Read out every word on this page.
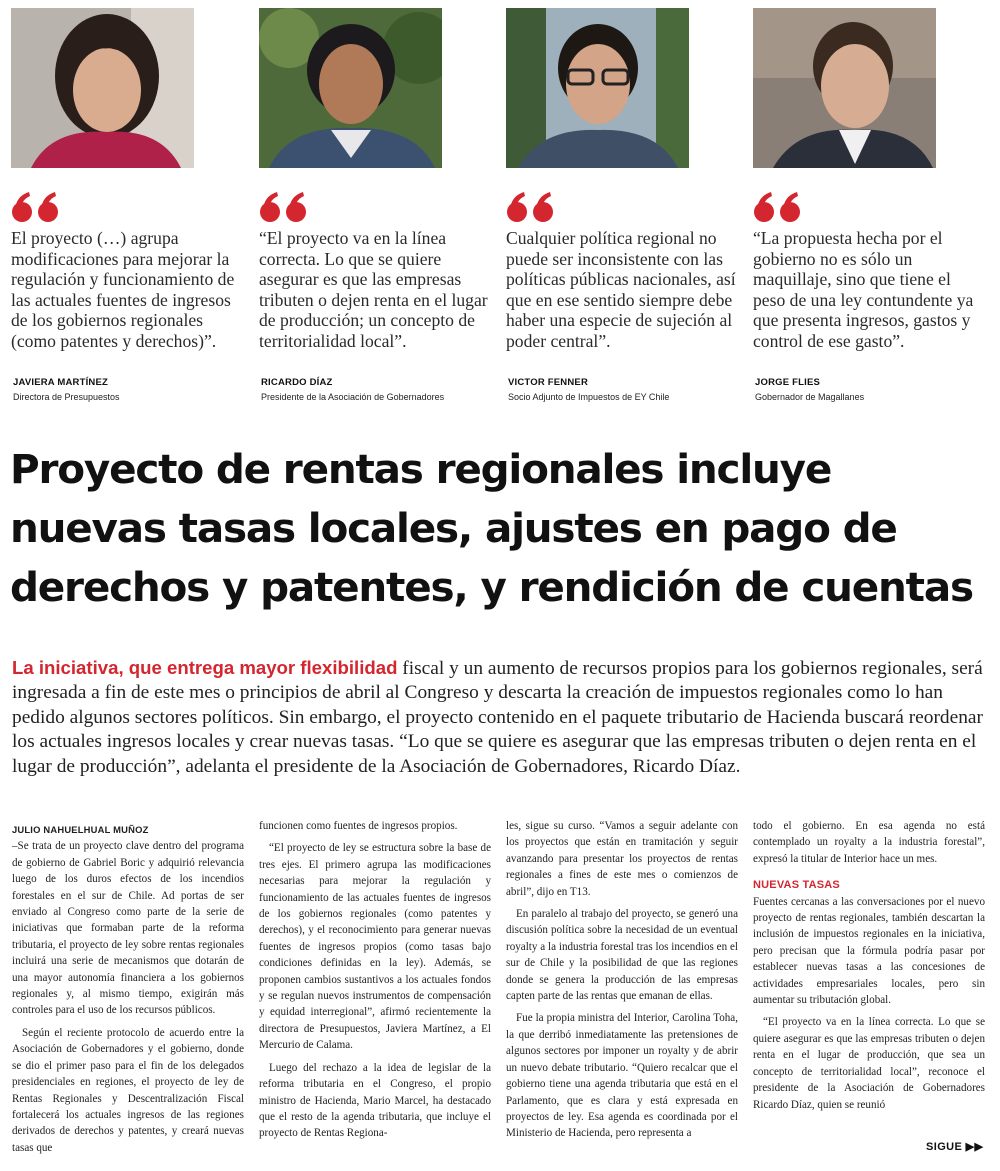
El proyecto (…) agrupa modificaciones para mejorar la regulación y funcionamiento de las actuales fuentes de ingresos de los gobiernos regionales (como patentes y derechos)”.
JAVIERA MARTÍNEZ
Directora de Presupuestos
“El proyecto va en la línea correcta. Lo que se quiere asegurar es que las empresas tributen o dejen renta en el lugar de producción; un concepto de territorialidad local”.
RICARDO DÍAZ
Presidente de la Asociación de Gobernadores
Cualquier política regional no puede ser inconsistente con las políticas públicas nacionales, así que en ese sentido siempre debe haber una especie de sujeción al poder central”.
VICTOR FENNER
Socio Adjunto de Impuestos de EY Chile
“La propuesta hecha por el gobierno no es sólo un maquillaje, sino que tiene el peso de una ley contundente ya que presenta ingresos, gastos y control de ese gasto”.
JORGE FLIES
Gobernador de Magallanes
Proyecto de rentas regionales incluye nuevas tasas locales, ajustes en pago de derechos y patentes, y rendición de cuentas
La iniciativa, que entrega mayor flexibilidad fiscal y un aumento de recursos propios para los gobiernos regionales, será ingresada a fin de este mes o principios de abril al Congreso y descarta la creación de impuestos regionales como lo han pedido algunos sectores políticos. Sin embargo, el proyecto contenido en el paquete tributario de Hacienda buscará reordenar los actuales ingresos locales y crear nuevas tasas. “Lo que se quiere es asegurar que las empresas tributen o dejen renta en el lugar de producción”, adelanta el presidente de la Asociación de Gobernadores, Ricardo Díaz.
JULIO NAHUELHUAL MUÑOZ

–Se trata de un proyecto clave dentro del programa de gobierno de Gabriel Boric y adquirió relevancia luego de los duros efectos de los incendios forestales en el sur de Chile. Ad portas de ser enviado al Congreso como parte de la serie de iniciativas que formaban parte de la reforma tributaria, el proyecto de ley sobre rentas regionales incluirá una serie de mecanismos que dotarán de una mayor autonomía financiera a los gobiernos regionales y, al mismo tiempo, exigirán más controles para el uso de los recursos públicos.

Según el reciente protocolo de acuerdo entre la Asociación de Gobernadores y el gobierno, donde se dio el primer paso para el fin de los delegados presidenciales en regiones, el proyecto de ley de Rentas Regionales y Descentralización Fiscal fortalecerá los actuales ingresos de las regiones derivados de derechos y patentes, y creará nuevas tasas que

funcionen como fuentes de ingresos propios.

“El proyecto de ley se estructura sobre la base de tres ejes. El primero agrupa las modificaciones necesarias para mejorar la regulación y funcionamiento de las actuales fuentes de ingresos de los gobiernos regionales (como patentes y derechos), y el reconocimiento para generar nuevas fuentes de ingresos propios (como tasas bajo condiciones definidas en la ley). Además, se proponen cambios sustantivos a los actuales fondos y se regulan nuevos instrumentos de compensación y equidad interregional”, afirmó recientemente la directora de Presupuestos, Javiera Martínez, a El Mercurio de Calama.

Luego del rechazo a la idea de legislar de la reforma tributaria en el Congreso, el propio ministro de Hacienda, Mario Marcel, ha destacado que el resto de la agenda tributaria, que incluye el proyecto de Rentas Regiona-

les, sigue su curso. “Vamos a seguir adelante con los proyectos que están en tramitación y seguir avanzando para presentar los proyectos de rentas regionales a fines de este mes o comienzos de abril”, dijo en T13.

En paralelo al trabajo del proyecto, se generó una discusión política sobre la necesidad de un eventual royalty a la industria forestal tras los incendios en el sur de Chile y la posibilidad de que las regiones donde se genera la producción de las empresas capten parte de las rentas que emanan de ellas.

Fue la propia ministra del Interior, Carolina Toha, la que derribó inmediatamente las pretensiones de algunos sectores por imponer un royalty y de abrir un nuevo debate tributario. “Quiero recalcar que el gobierno tiene una agenda tributaria que está en el Parlamento, que es clara y está expresada en proyectos de ley. Esa agenda es coordinada por el Ministerio de Hacienda, pero representa a

todo el gobierno. En esa agenda no está contemplado un royalty a la industria forestal”, expresó la titular de Interior hace un mes.

NUEVAS TASAS

Fuentes cercanas a las conversaciones por el nuevo proyecto de rentas regionales, también descartan la inclusión de impuestos regionales en la iniciativa, pero precisan que la fórmula podría pasar por establecer nuevas tasas a las concesiones de actividades empresariales locales, pero sin aumentar su tributación global.

“El proyecto va en la línea correcta. Lo que se quiere asegurar es que las empresas tributen o dejen renta en el lugar de producción, que sea un concepto de territorialidad local”, reconoce el presidente de la Asociación de Gobernadores Ricardo Díaz, quien se reunió

SIGUE ▶▶
